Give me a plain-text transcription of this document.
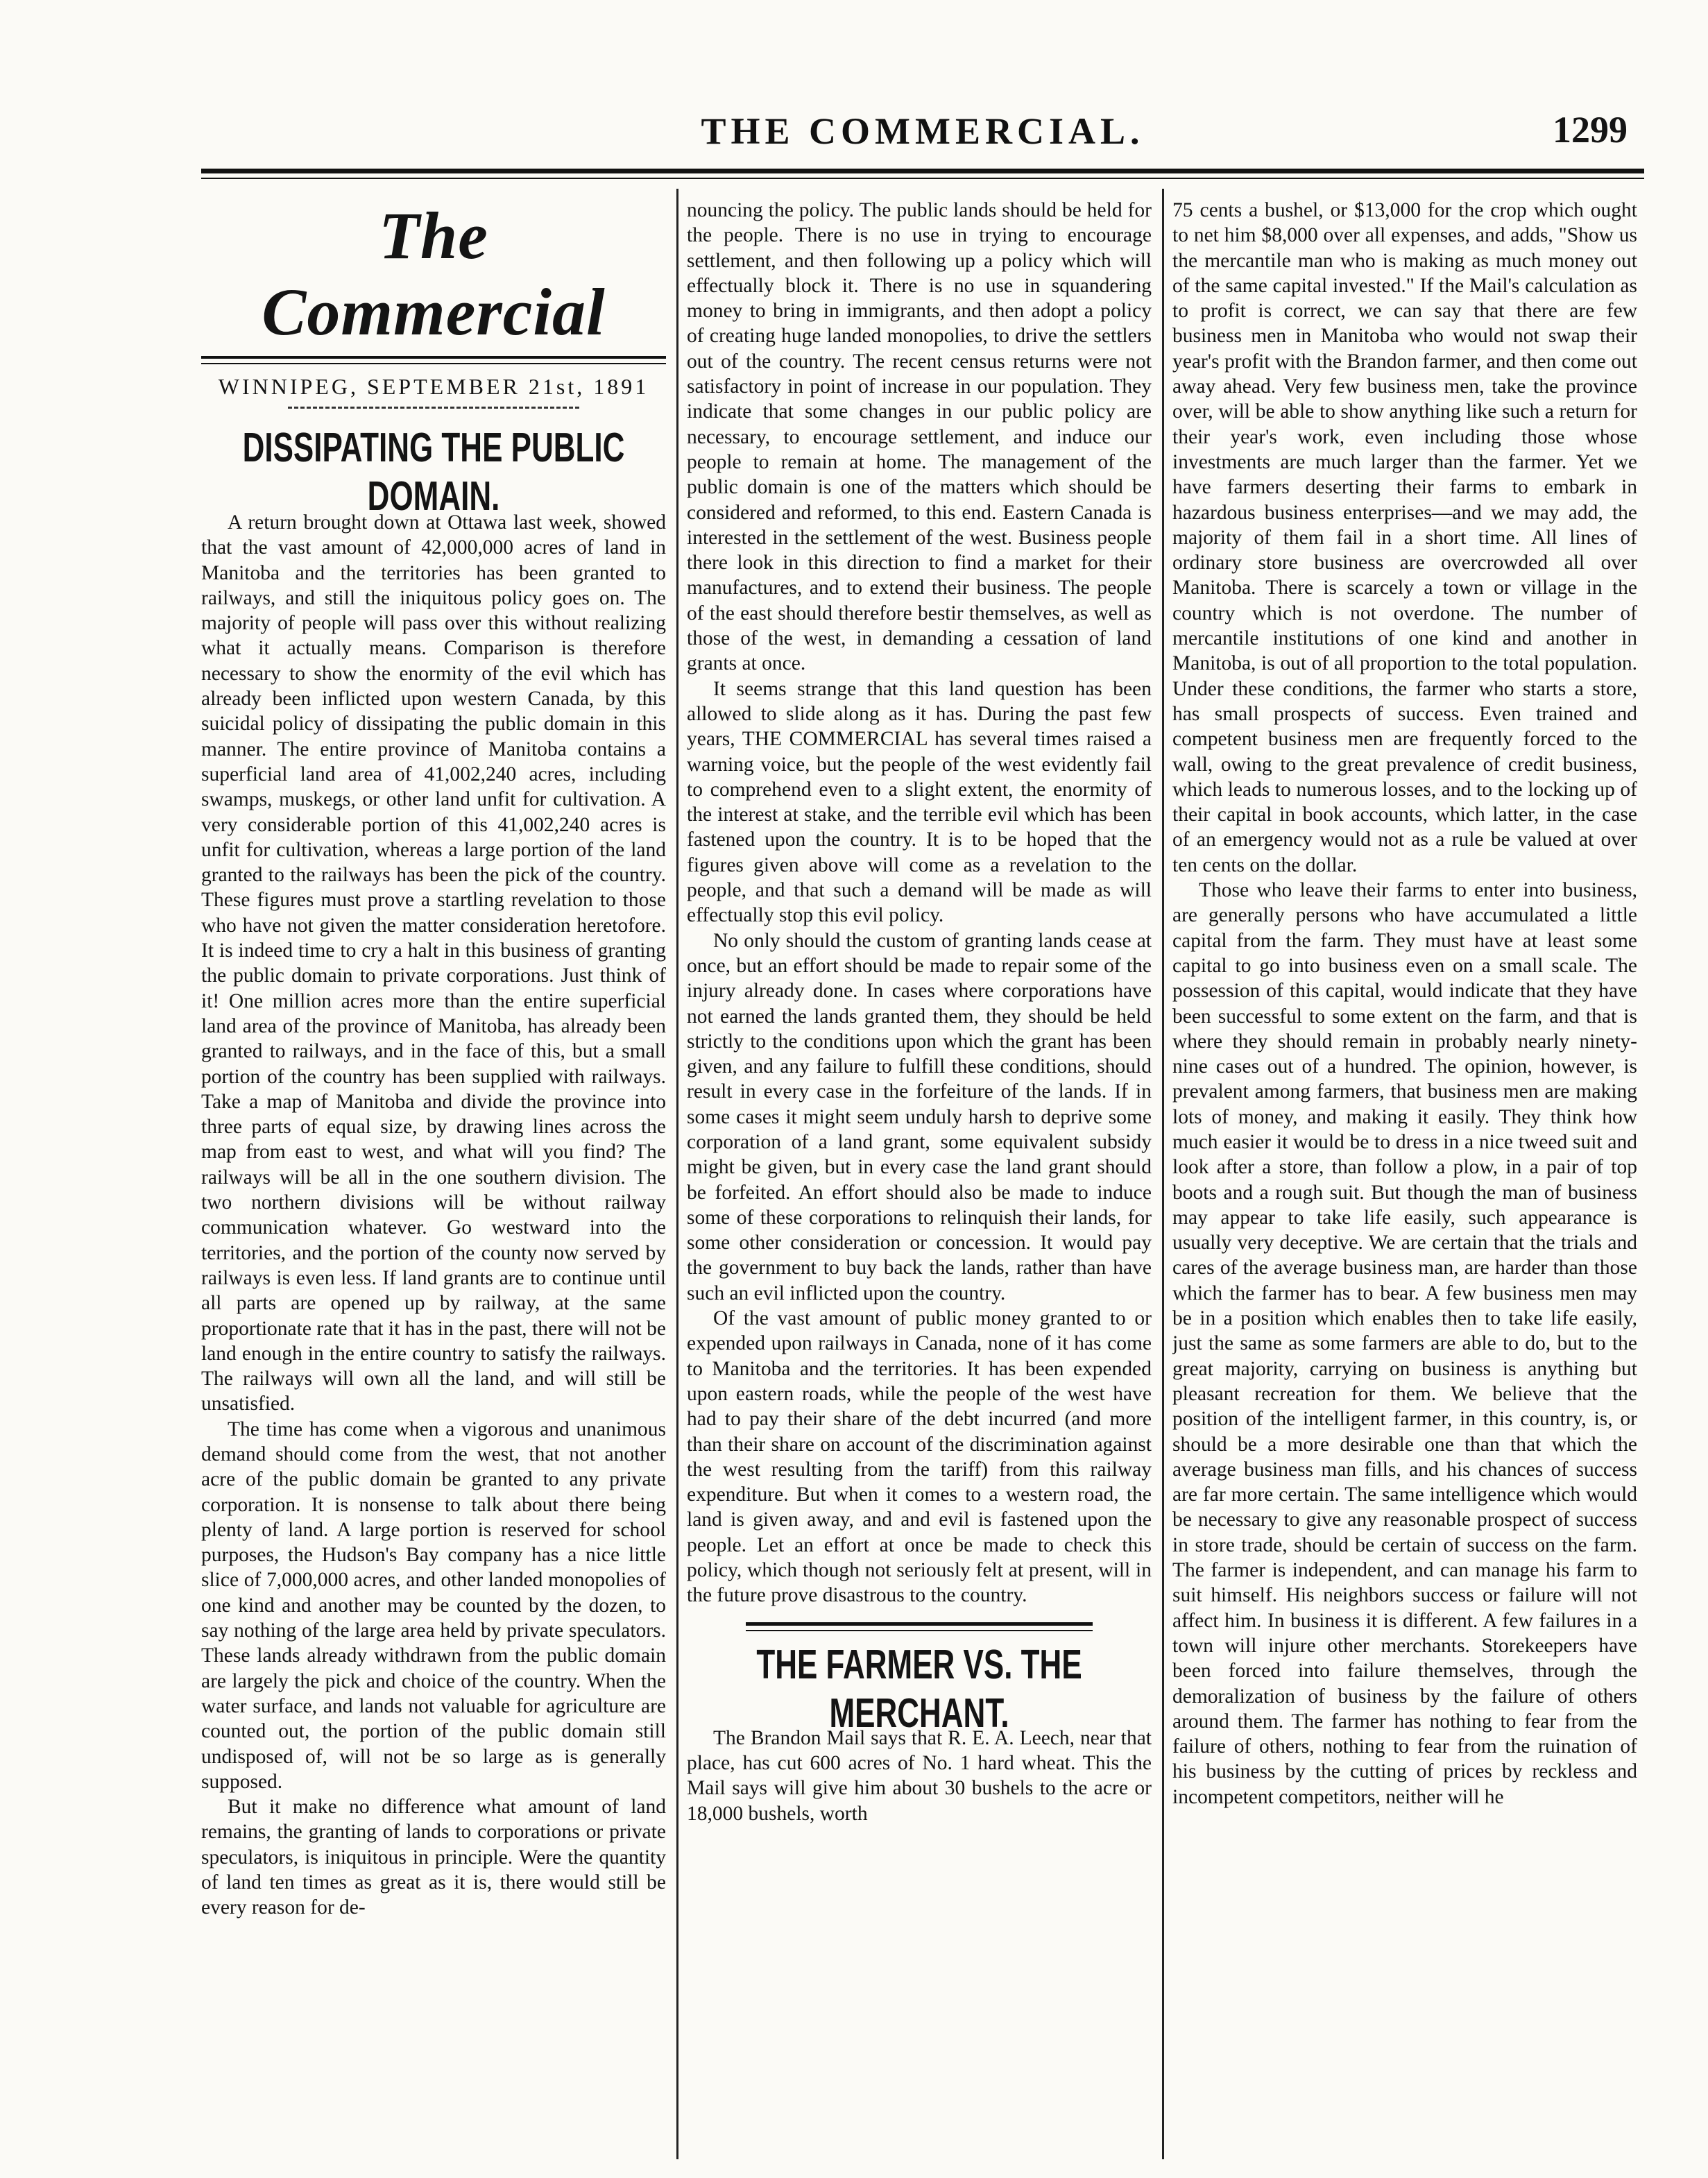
THE COMMERCIAL.	1299
The Commercial
WINNIPEG, SEPTEMBER 21st, 1891
DISSIPATING THE PUBLIC DOMAIN.

A return brought down at Ottawa last week, showed that the vast amount of 42,000,000 acres of land in Manitoba and the territories has been granted to railways, and still the iniquitous policy goes on. The majority of people will pass over this without realizing what it actually means. Comparison is therefore necessary to show the enormity of the evil which has already been inflicted upon western Canada, by this suicidal policy of dissipating the public domain in this manner. The entire province of Manitoba contains a superficial land area of 41,002,240 acres, including swamps, muskegs, or other land unfit for cultivation. A very considerable portion of this 41,002,240 acres is unfit for cultivation, whereas a large portion of the land granted to the railways has been the pick of the country. These figures must prove a startling revelation to those who have not given the matter consideration heretofore. It is indeed time to cry a halt in this business of granting the public domain to private corporations. Just think of it! One million acres more than the entire superficial land area of the province of Manitoba, has already been granted to railways, and in the face of this, but a small portion of the country has been supplied with railways. Take a map of Manitoba and divide the province into three parts of equal size, by drawing lines across the map from east to west, and what will you find? The railways will be all in the one southern division. The two northern divisions will be without railway communication whatever. Go westward into the territories, and the portion of the county now served by railways is even less. If land grants are to continue until all parts are opened up by railway, at the same proportionate rate that it has in the past, there will not be land enough in the entire country to satisfy the railways. The railways will own all the land, and will still be unsatisfied.

The time has come when a vigorous and unanimous demand should come from the west, that not another acre of the public domain be granted to any private corporation. It is nonsense to talk about there being plenty of land. A large portion is reserved for school purposes, the Hudson's Bay company has a nice little slice of 7,000,000 acres, and other landed monopolies of one kind and another may be counted by the dozen, to say nothing of the large area held by private speculators. These lands already withdrawn from the public domain are largely the pick and choice of the country. When the water surface, and lands not valuable for agriculture are counted out, the portion of the public domain still undisposed of, will not be so large as is generally supposed.

But it make no difference what amount of land remains, the granting of lands to corporations or private speculators, is iniquitous in principle. Were the quantity of land ten times as great as it is, there would still be every reason for de-

nouncing the policy. The public lands should be held for the people. There is no use in trying to encourage settlement, and then following up a policy which will effectually block it. There is no use in squandering money to bring in immigrants, and then adopt a policy of creating huge landed monopolies, to drive the settlers out of the country. The recent census returns were not satisfactory in point of increase in our population. They indicate that some changes in our public policy are necessary, to encourage settlement, and induce our people to remain at home. The management of the public domain is one of the matters which should be considered and reformed, to this end. Eastern Canada is interested in the settlement of the west. Business people there look in this direction to find a market for their manufactures, and to extend their business. The people of the east should therefore bestir themselves, as well as those of the west, in demanding a cessation of land grants at once.

It seems strange that this land question has been allowed to slide along as it has. During the past few years, THE COMMERCIAL has several times raised a warning voice, but the people of the west evidently fail to comprehend even to a slight extent, the enormity of the interest at stake, and the terrible evil which has been fastened upon the country. It is to be hoped that the figures given above will come as a revelation to the people, and that such a demand will be made as will effectually stop this evil policy.

No only should the custom of granting lands cease at once, but an effort should be made to repair some of the injury already done. In cases where corporations have not earned the lands granted them, they should be held strictly to the conditions upon which the grant has been given, and any failure to fulfill these conditions, should result in every case in the forfeiture of the lands. If in some cases it might seem unduly harsh to deprive some corporation of a land grant, some equivalent subsidy might be given, but in every case the land grant should be forfeited. An effort should also be made to induce some of these corporations to relinquish their lands, for some other consideration or concession. It would pay the government to buy back the lands, rather than have such an evil inflicted upon the country.

Of the vast amount of public money granted to or expended upon railways in Canada, none of it has come to Manitoba and the territories. It has been expended upon eastern roads, while the people of the west have had to pay their share of the debt incurred (and more than their share on account of the discrimination against the west resulting from the tariff) from this railway expenditure. But when it comes to a western road, the land is given away, and and evil is fastened upon the people. Let an effort at once be made to check this policy, which though not seriously felt at present, will in the future prove disastrous to the country.

THE FARMER VS. THE MERCHANT.

The Brandon Mail says that R. E. A. Leech, near that place, has cut 600 acres of No. 1 hard wheat. This the Mail says will give him about 30 bushels to the acre or 18,000 bushels, worth

75 cents a bushel, or $13,000 for the crop which ought to net him $8,000 over all expenses, and adds, "Show us the mercantile man who is making as much money out of the same capital invested." If the Mail's calculation as to profit is correct, we can say that there are few business men in Manitoba who would not swap their year's profit with the Brandon farmer, and then come out away ahead. Very few business men, take the province over, will be able to show anything like such a return for their year's work, even including those whose investments are much larger than the farmer. Yet we have farmers deserting their farms to embark in hazardous business enterprises—and we may add, the majority of them fail in a short time. All lines of ordinary store business are overcrowded all over Manitoba. There is scarcely a town or village in the country which is not overdone. The number of mercantile institutions of one kind and another in Manitoba, is out of all proportion to the total population. Under these conditions, the farmer who starts a store, has small prospects of success. Even trained and competent business men are frequently forced to the wall, owing to the great prevalence of credit business, which leads to numerous losses, and to the locking up of their capital in book accounts, which latter, in the case of an emergency would not as a rule be valued at over ten cents on the dollar.

Those who leave their farms to enter into business, are generally persons who have accumulated a little capital from the farm. They must have at least some capital to go into business even on a small scale. The possession of this capital, would indicate that they have been successful to some extent on the farm, and that is where they should remain in probably nearly ninety-nine cases out of a hundred. The opinion, however, is prevalent among farmers, that business men are making lots of money, and making it easily. They think how much easier it would be to dress in a nice tweed suit and look after a store, than follow a plow, in a pair of top boots and a rough suit. But though the man of business may appear to take life easily, such appearance is usually very deceptive. We are certain that the trials and cares of the average business man, are harder than those which the farmer has to bear. A few business men may be in a position which enables then to take life easily, just the same as some farmers are able to do, but to the great majority, carrying on business is anything but pleasant recreation for them. We believe that the position of the intelligent farmer, in this country, is, or should be a more desirable one than that which the average business man fills, and his chances of success are far more certain. The same intelligence which would be necessary to give any reasonable prospect of success in store trade, should be certain of success on the farm. The farmer is independent, and can manage his farm to suit himself. His neighbors success or failure will not affect him. In business it is different. A few failures in a town will injure other merchants. Storekeepers have been forced into failure themselves, through the demoralization of business by the failure of others around them. The farmer has nothing to fear from the failure of others, nothing to fear from the ruination of his business by the cutting of prices by reckless and incompetent competitors, neither will he
